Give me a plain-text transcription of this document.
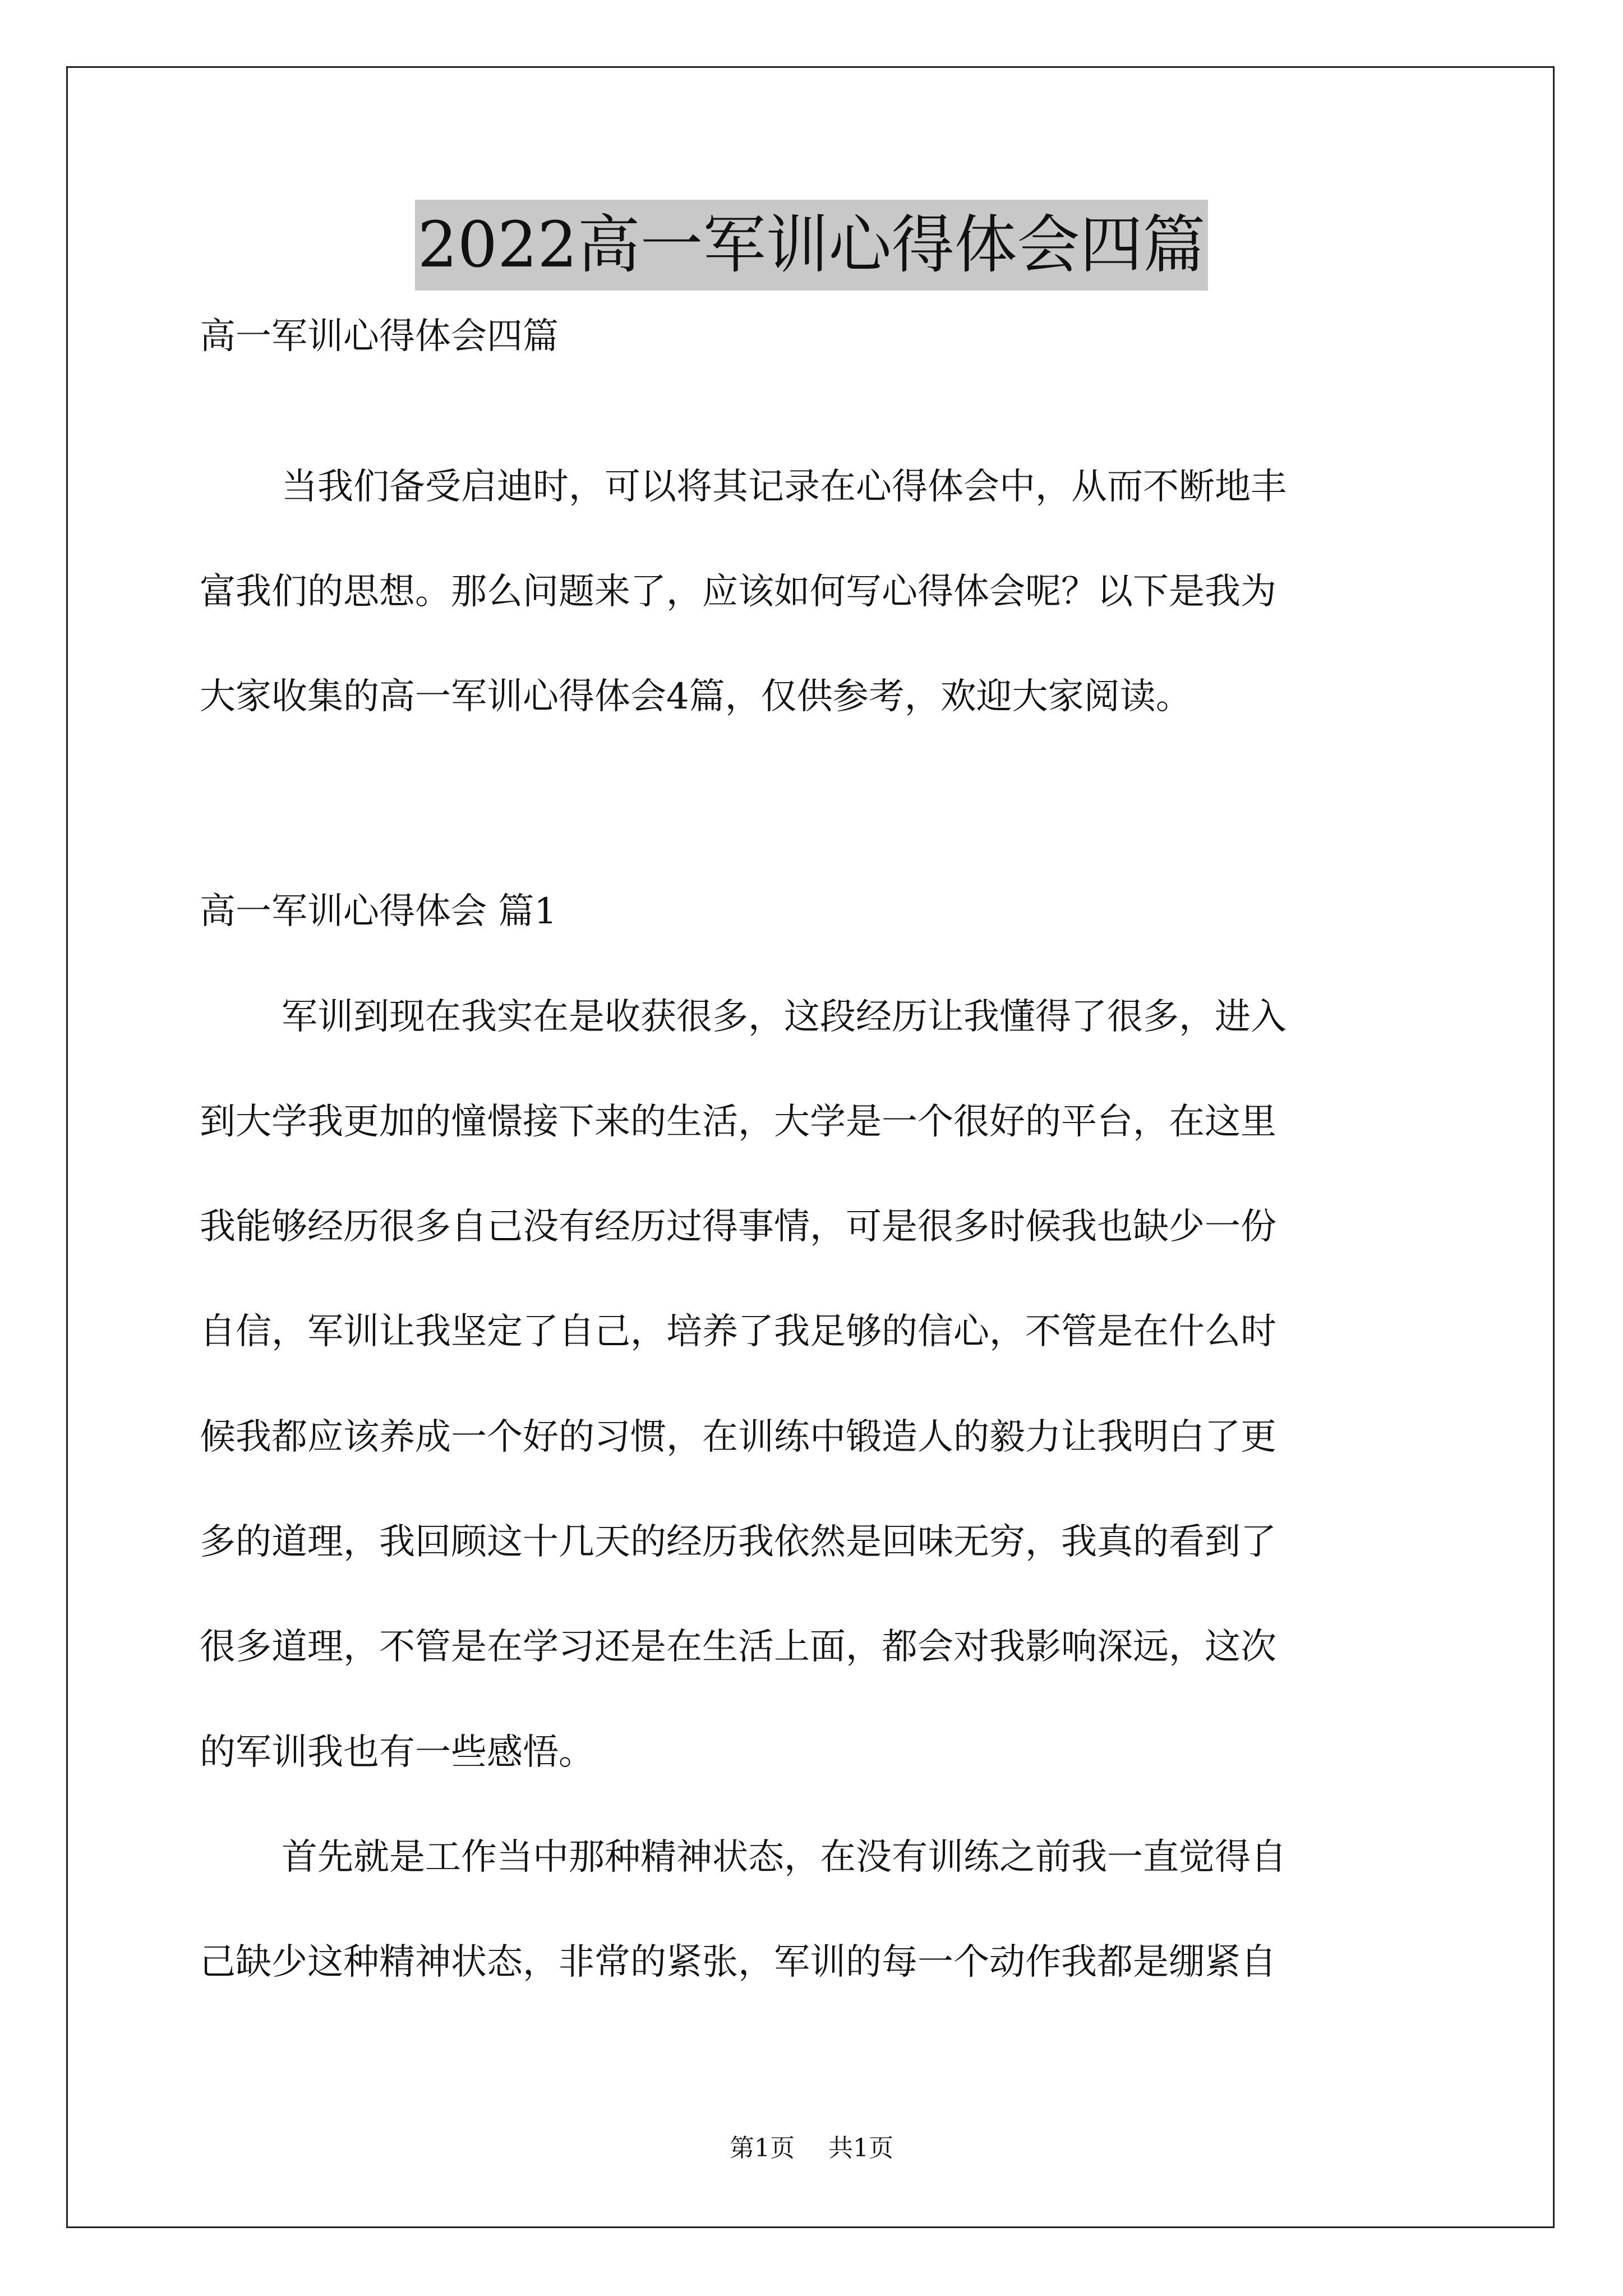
2022高一军训心得体会四篇
高一军训心得体会四篇
当我们备受启迪时，可以将其记录在心得体会中，从而不断地丰
富我们的思想。那么问题来了，应该如何写心得体会呢？以下是我为
大家收集的高一军训心得体会4篇，仅供参考，欢迎大家阅读。
高一军训心得体会 篇1
军训到现在我实在是收获很多，这段经历让我懂得了很多，进入
到大学我更加的憧憬接下来的生活，大学是一个很好的平台，在这里
我能够经历很多自己没有经历过得事情，可是很多时候我也缺少一份
自信，军训让我坚定了自己，培养了我足够的信心，不管是在什么时
候我都应该养成一个好的习惯，在训练中锻造人的毅力让我明白了更
多的道理，我回顾这十几天的经历我依然是回味无穷，我真的看到了
很多道理，不管是在学习还是在生活上面，都会对我影响深远，这次
的军训我也有一些感悟。
首先就是工作当中那种精神状态，在没有训练之前我一直觉得自
己缺少这种精神状态，非常的紧张，军训的每一个动作我都是绷紧自
第1页 共1页
